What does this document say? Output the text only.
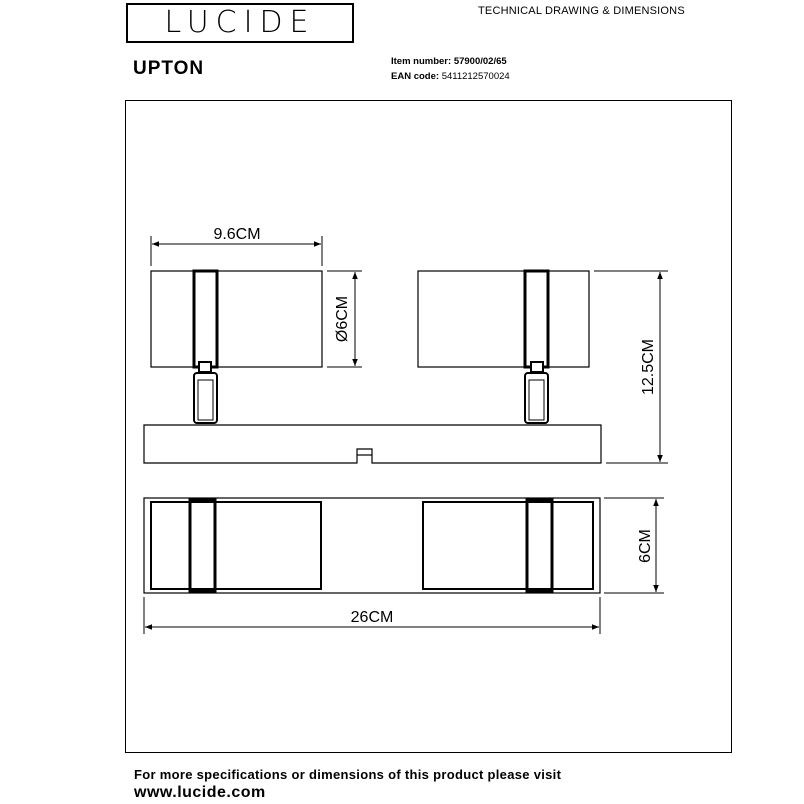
LUCIDE	TECHNICAL DRAWING & DIMENSIONS
UPTON	Item number: 57900/02/65
EAN code: 5411212570024
9.6CM
Ø6CM
12.5CM
6CM
26CM
For more specifications or dimensions of this product please visit
www.lucide.com
